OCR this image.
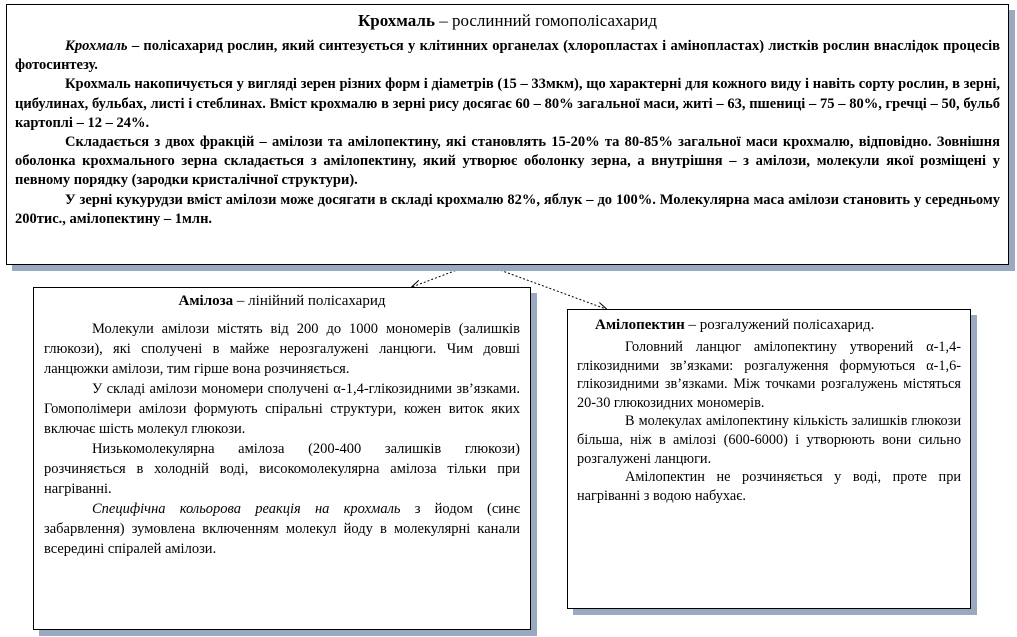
Крохмаль – рослинний гомополісахарид

Крохмаль – полісахарид рослин, який синтезується у клітинних органелах (хлоропластах і амінопластах) листків рослин внаслідок процесів фотосинтезу.

Крохмаль накопичується у вигляді зерен різних форм і діаметрів (15 – 33мкм), що характерні для кожного виду і навіть сорту рослин, в зерні, цибулинах, бульбах, листі і стеблинах. Вміст крохмалю в зерні рису досягає 60 – 80% загальної маси, житі – 63, пшениці – 75 – 80%, гречці – 50, бульб картоплі – 12 – 24%.

Складається з двох фракцій – амілози та амілопектину, які становлять 15-20% та 80-85% загальної маси крохмалю, відповідно. Зовнішня оболонка крохмального зерна складається з амілопектину, який утворює оболонку зерна, а внутрішня – з амілози, молекули якої розміщені у певному порядку (зародки кристалічної структури).

У зерні кукурудзи вміст амілози може досягати в складі крохмалю 82%, яблук – до 100%. Молекулярна маса амілози становить у середньому 200тис., амілопектину – 1млн.

Амілоза – лінійний полісахарид

Молекули амілози містять від 200 до 1000 мономерів (залишків глюкози), які сполучені в майже нерозгалужені ланцюги. Чим довші ланцюжки амілози, тим гірше вона розчиняється.

У складі амілози мономери сполучені α-1,4-глікозидними зв’язками. Гомополімери амілози формують спіральні структури, кожен виток яких включає шість молекул глюкози.

Низькомолекулярна амілоза (200-400 залишків глюкози) розчиняється в холодній воді, високомолекулярна амілоза тільки при нагріванні.

Специфічна кольорова реакція на крохмаль з йодом (синє забарвлення) зумовлена включенням молекул йоду в молекулярні канали всередині спіралей амілози.

Амілопектин – розгалужений полісахарид.

Головний ланцюг амілопектину утворений α-1,4-глікозидними зв’язками: розгалуження формуються α-1,6-глікозидними зв’язками. Між точками розгалужень містяться 20-30 глюкозидних мономерів.

В молекулах амілопектину кількість залишків глюкози більша, ніж в амілозі (600-6000) і утворюють вони сильно розгалужені ланцюги.

Амілопектин не розчиняється у воді, проте при нагріванні з водою набухає.
